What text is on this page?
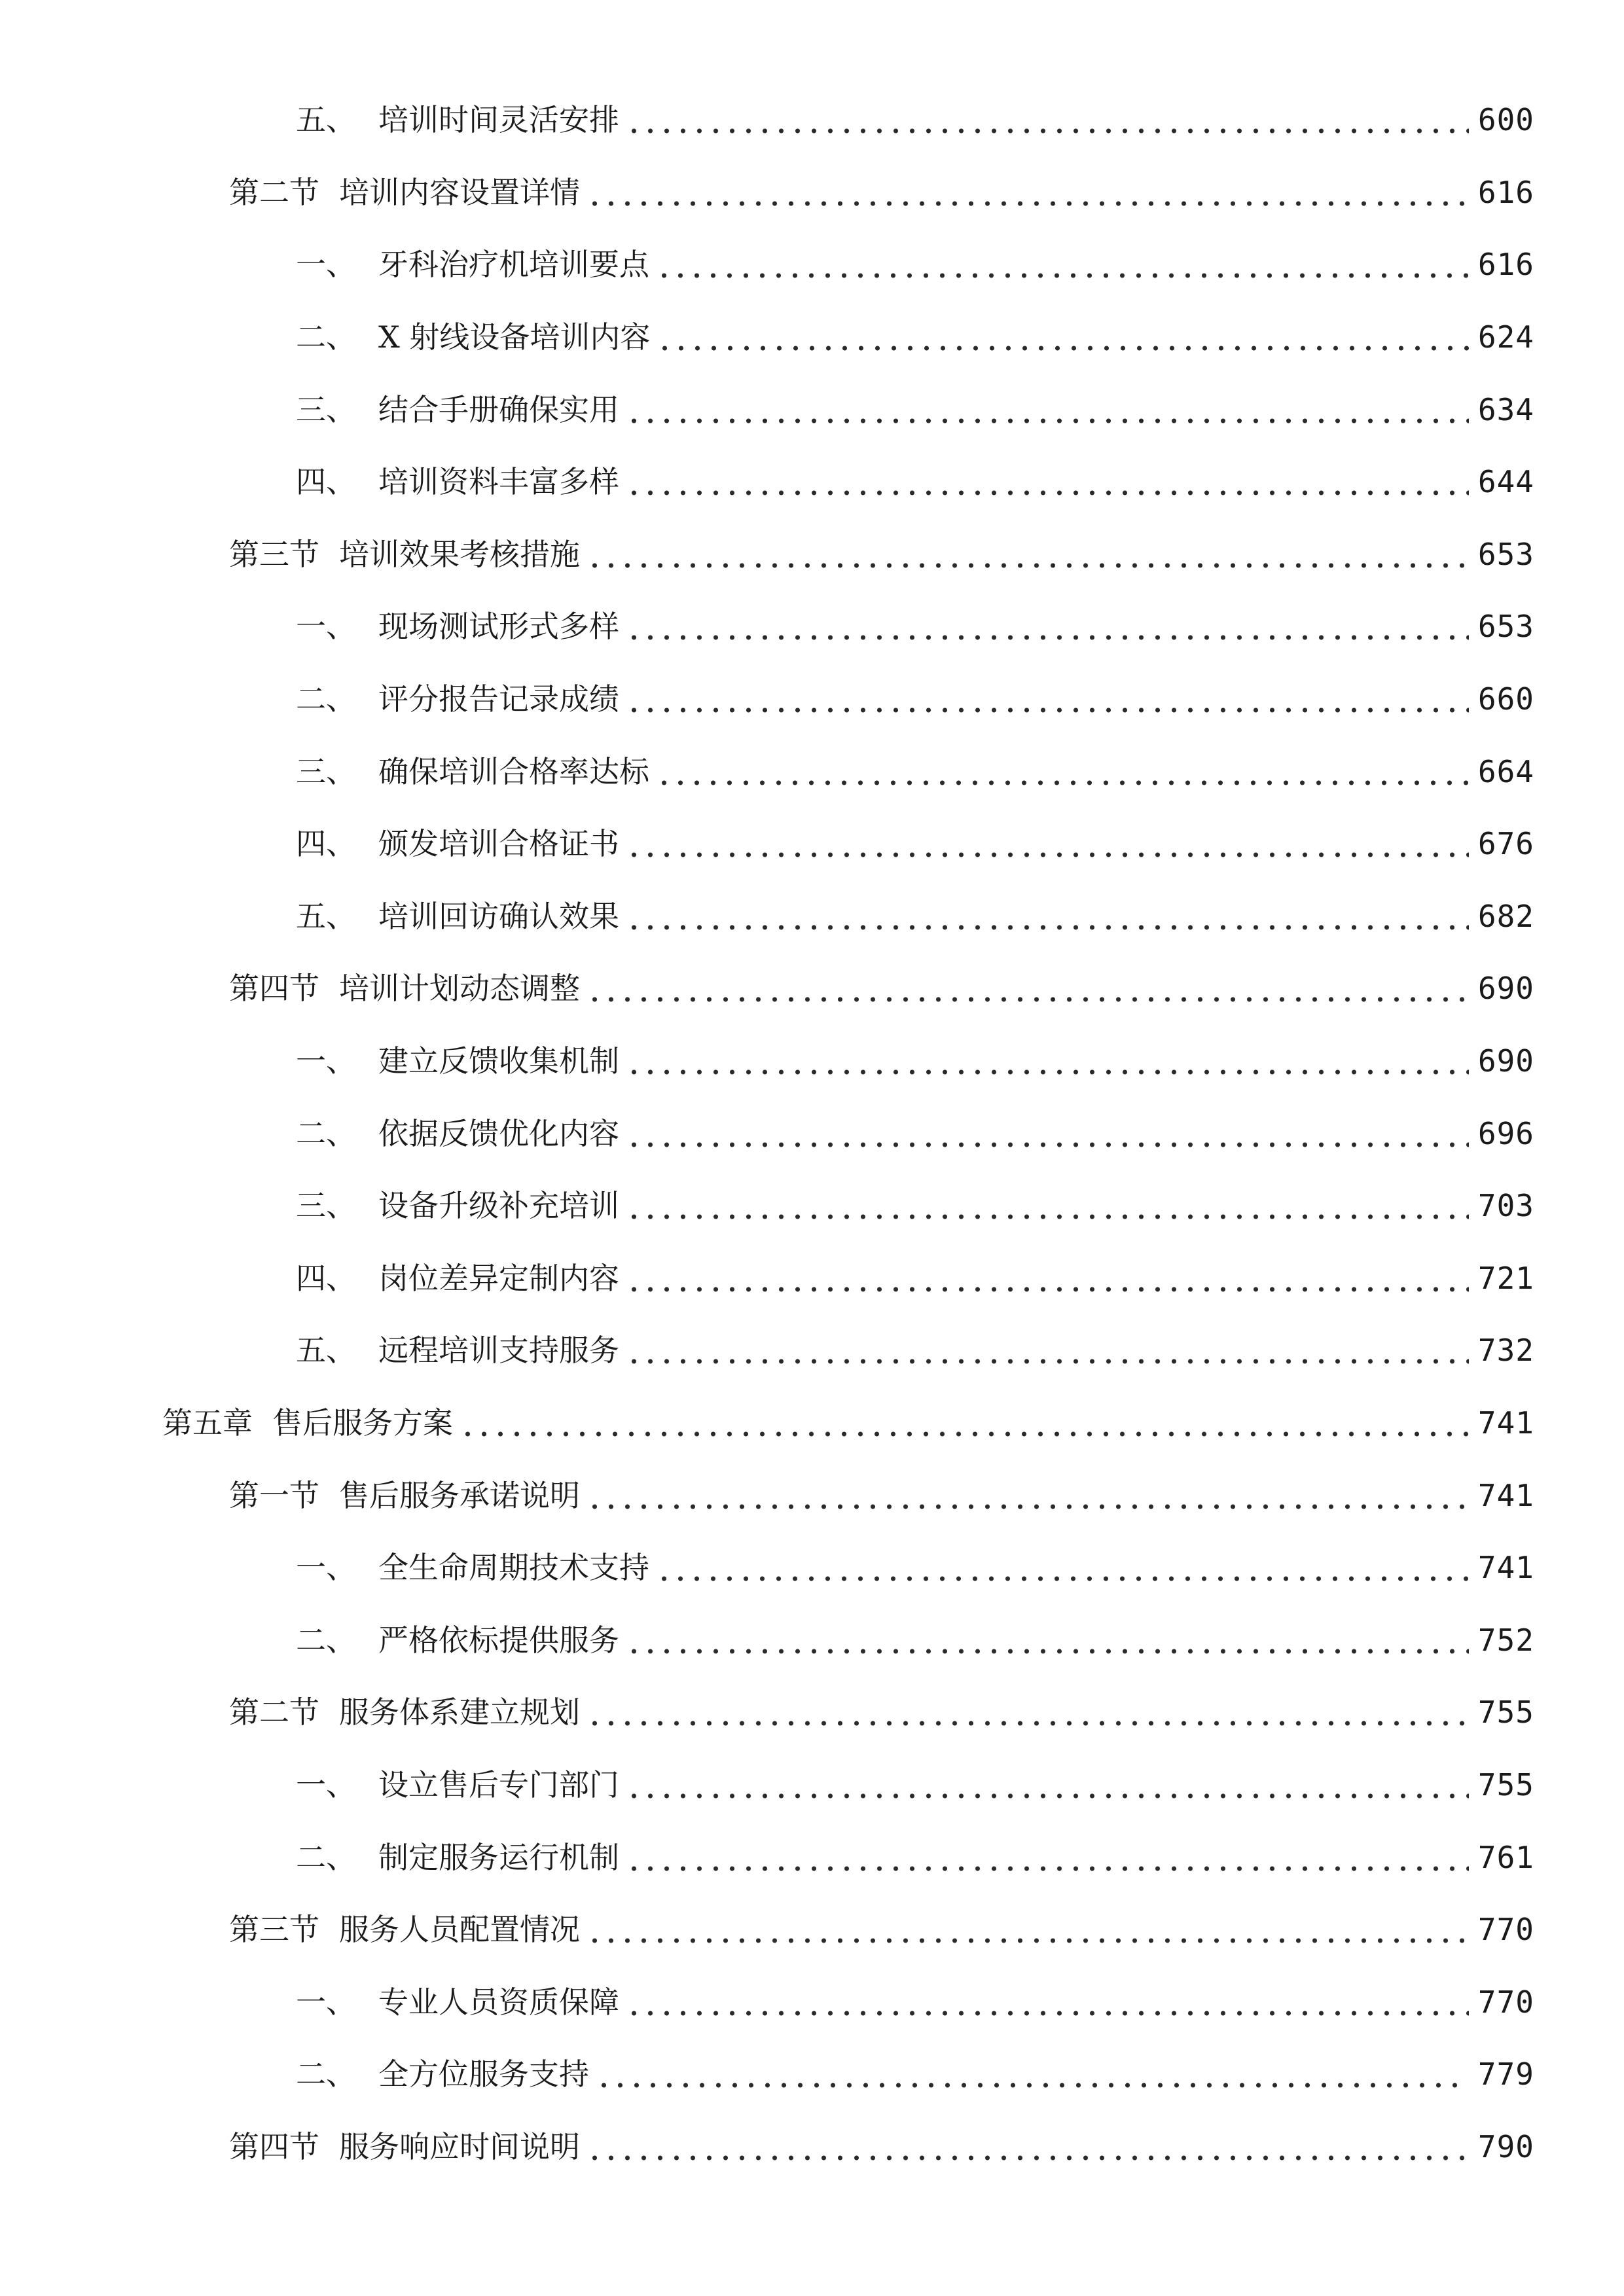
五、 培训时间灵活安排	600
第二节 培训内容设置详情	616
一、 牙科治疗机培训要点	616
二、 X 射线设备培训内容	624
三、 结合手册确保实用	634
四、 培训资料丰富多样	644
第三节 培训效果考核措施	653
一、 现场测试形式多样	653
二、 评分报告记录成绩	660
三、 确保培训合格率达标	664
四、 颁发培训合格证书	676
五、 培训回访确认效果	682
第四节 培训计划动态调整	690
一、 建立反馈收集机制	690
二、 依据反馈优化内容	696
三、 设备升级补充培训	703
四、 岗位差异定制内容	721
五、 远程培训支持服务	732
第五章 售后服务方案	741
第一节 售后服务承诺说明	741
一、 全生命周期技术支持	741
二、 严格依标提供服务	752
第二节 服务体系建立规划	755
一、 设立售后专门部门	755
二、 制定服务运行机制	761
第三节 服务人员配置情况	770
一、 专业人员资质保障	770
二、 全方位服务支持	779
第四节 服务响应时间说明	790
